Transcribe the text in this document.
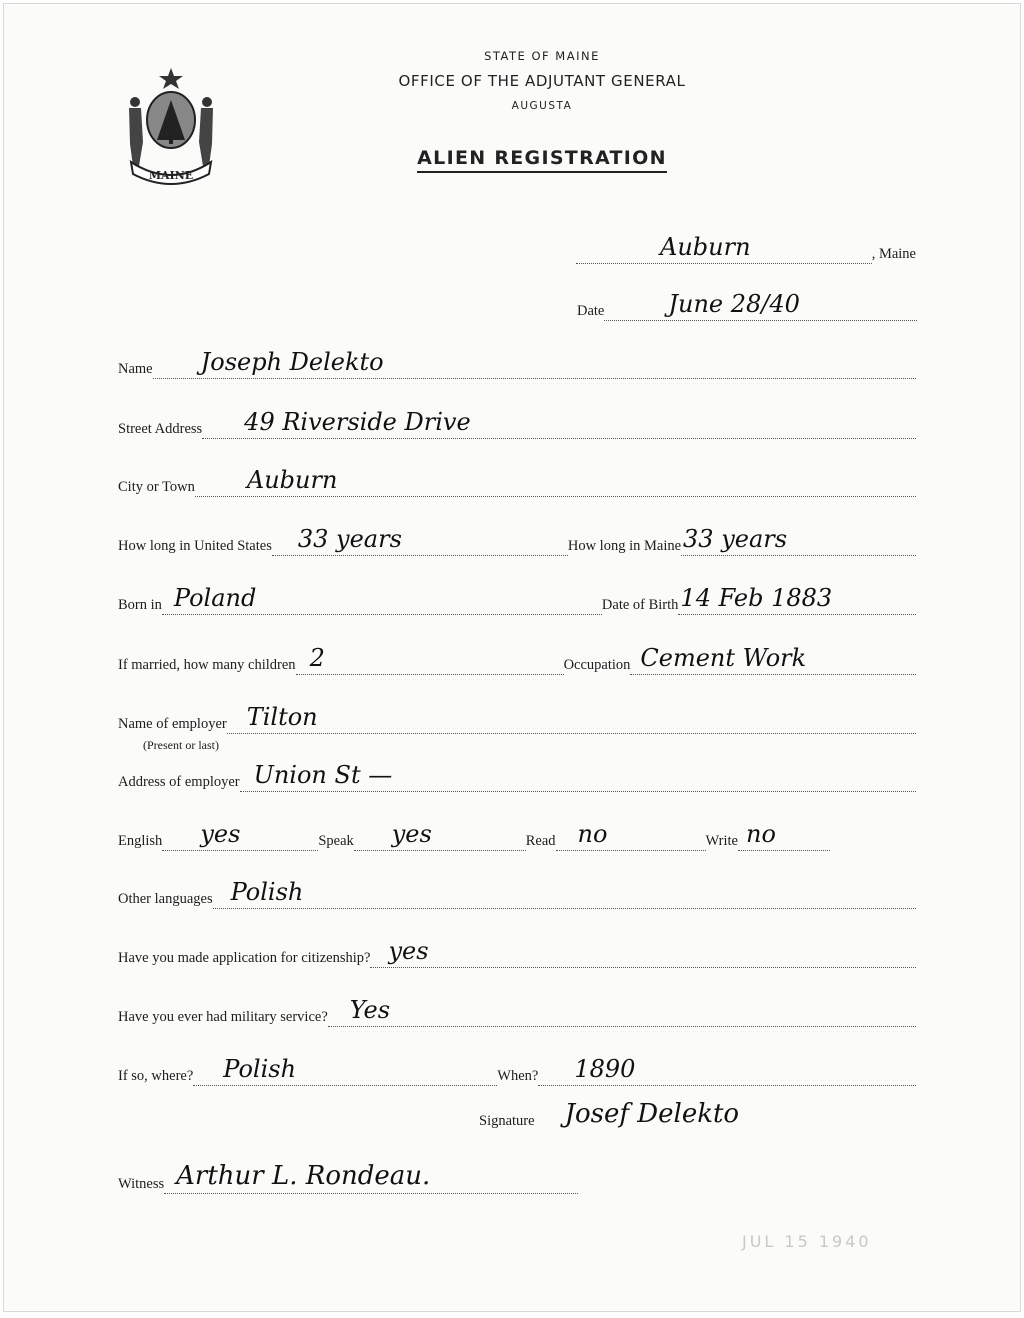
MAINE
STATE OF MAINE
OFFICE OF THE ADJUTANT GENERAL
AUGUSTA
ALIEN REGISTRATION
Auburn	, Maine
Date	June 28/40
Name Joseph Delekto
Street Address 49 Riverside Drive
City or Town Auburn
How long in United States 33 years	How long in Maine 33 years
Born in Poland	Date of Birth 14 Feb 1883
If married, how many children 2	Occupation Cement Work
Name of employer Tilton
(Present or last)
Address of employer Union St —
English yes	Speak yes	Read no	Write no
Other languages Polish
Have you made application for citizenship? yes
Have you ever had military service? Yes
If so, where? Polish	When? 1890
Signature Josef Delekto
Witness Arthur L. Rondeau.
JUL 15 1940
